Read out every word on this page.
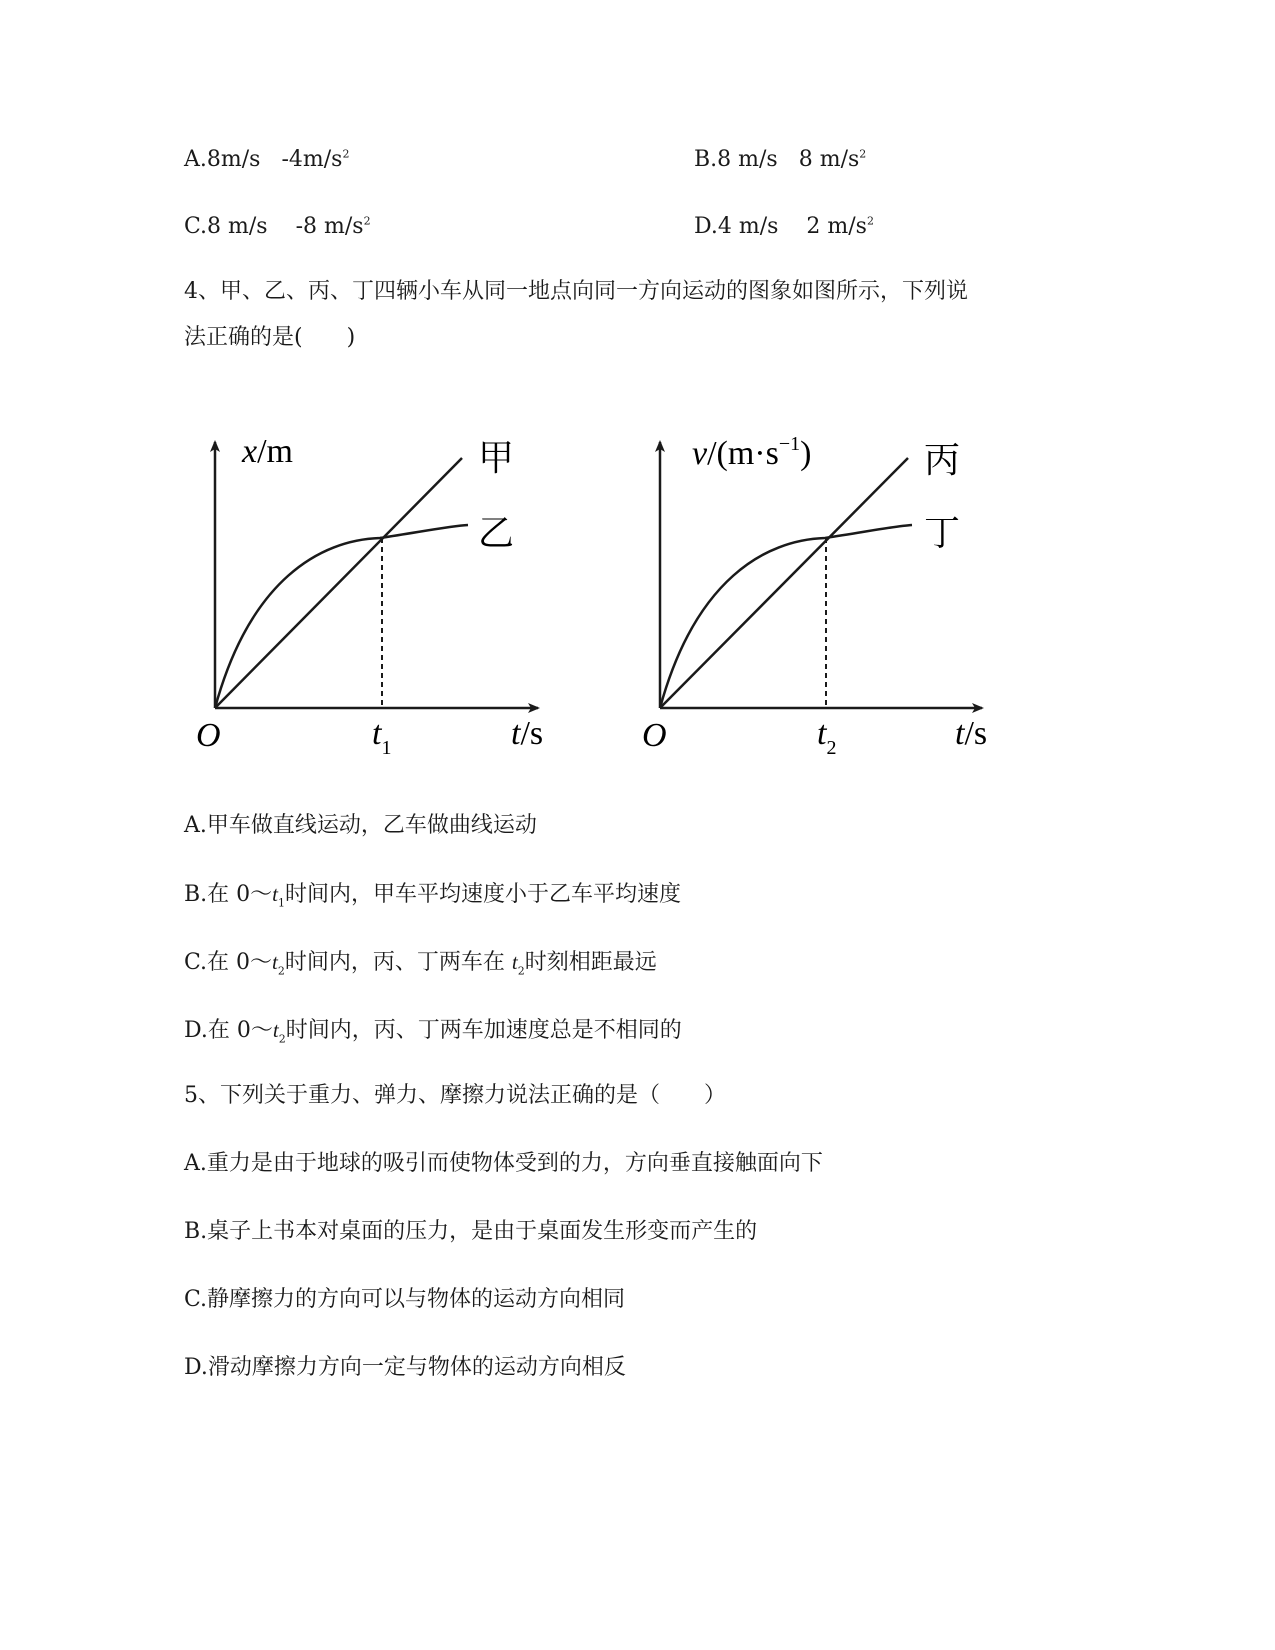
A.8m/s $-4m/s^2$	B.8 m/s 8 $m/s^2$
C.8 m/s -8 $m/s^2$	D.4 m/s 2 $m/s^2$
4、甲、乙、丙、丁四辆小车从同一地点向同一方向运动的图象如图所示，下列说
法正确的是(　　)
x/m
t/s
O	$t_1$
甲
乙
$v/(m\cdot s^{-1})$
t/s
O	$t_2$
丙
丁
A.甲车做直线运动，乙车做曲线运动
B.在 $0\sim t_1$时间内，甲车平均速度小于乙车平均速度
C.在 $0\sim t_2$时间内，丙、丁两车在 $t_2$时刻相距最远
D.在 $0\sim t_2$时间内，丙、丁两车加速度总是不相同的
5、下列关于重力、弹力、摩擦力说法正确的是（　　）
A.重力是由于地球的吸引而使物体受到的力，方向垂直接触面向下
B.桌子上书本对桌面的压力，是由于桌面发生形变而产生的
C.静摩擦力的方向可以与物体的运动方向相同
D.滑动摩擦力方向一定与物体的运动方向相反
